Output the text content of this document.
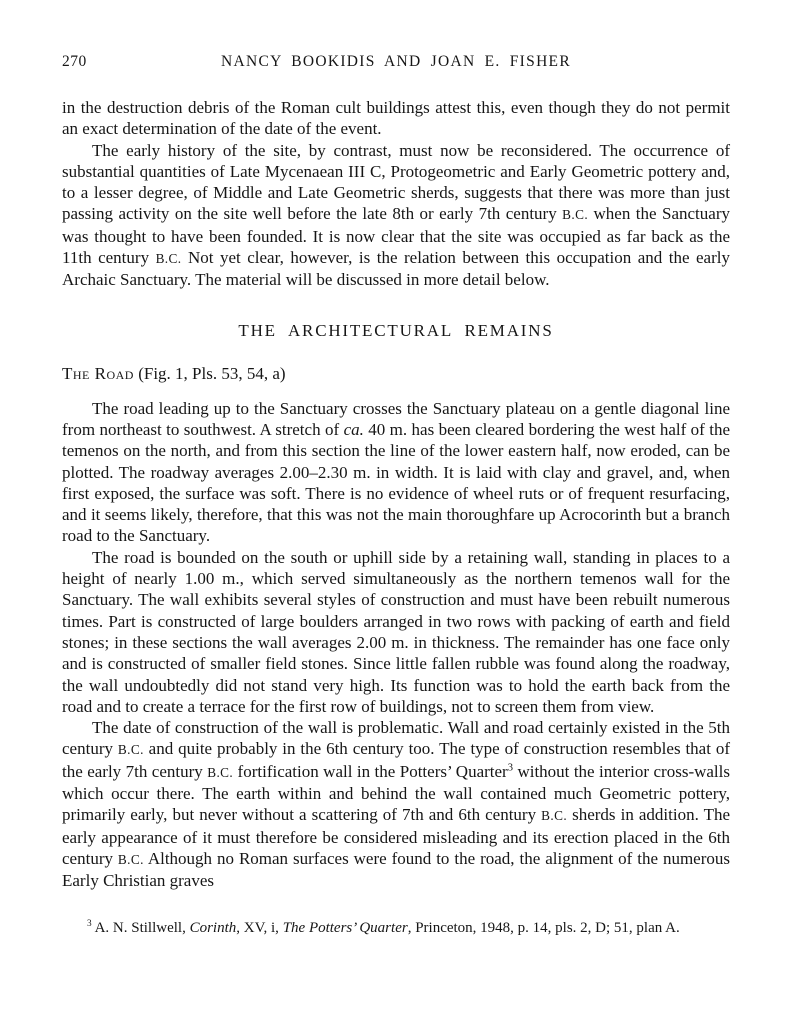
270	NANCY BOOKIDIS AND JOAN E. FISHER

in the destruction debris of the Roman cult buildings attest this, even though they do not permit an exact determination of the date of the event.

The early history of the site, by contrast, must now be reconsidered. The occurrence of substantial quantities of Late Mycenaean III C, Protogeometric and Early Geometric pottery and, to a lesser degree, of Middle and Late Geometric sherds, suggests that there was more than just passing activity on the site well before the late 8th or early 7th century B.C. when the Sanctuary was thought to have been founded. It is now clear that the site was occupied as far back as the 11th century B.C. Not yet clear, however, is the relation between this occupation and the early Archaic Sanctuary. The material will be discussed in more detail below.

THE ARCHITECTURAL REMAINS
The Road (Fig. 1, Pls. 53, 54, a)

The road leading up to the Sanctuary crosses the Sanctuary plateau on a gentle diagonal line from northeast to southwest. A stretch of ca. 40 m. has been cleared bordering the west half of the temenos on the north, and from this section the line of the lower eastern half, now eroded, can be plotted. The roadway averages 2.00–2.30 m. in width. It is laid with clay and gravel, and, when first exposed, the surface was soft. There is no evidence of wheel ruts or of frequent resurfacing, and it seems likely, therefore, that this was not the main thoroughfare up Acrocorinth but a branch road to the Sanctuary.

The road is bounded on the south or uphill side by a retaining wall, standing in places to a height of nearly 1.00 m., which served simultaneously as the northern temenos wall for the Sanctuary. The wall exhibits several styles of construction and must have been rebuilt numerous times. Part is constructed of large boulders arranged in two rows with packing of earth and field stones; in these sections the wall averages 2.00 m. in thickness. The remainder has one face only and is constructed of smaller field stones. Since little fallen rubble was found along the roadway, the wall undoubtedly did not stand very high. Its function was to hold the earth back from the road and to create a terrace for the first row of buildings, not to screen them from view.

The date of construction of the wall is problematic. Wall and road certainly existed in the 5th century B.C. and quite probably in the 6th century too. The type of construction resembles that of the early 7th century B.C. fortification wall in the Potters’ Quarter$^3$ without the interior cross-walls which occur there. The earth within and behind the wall contained much Geometric pottery, primarily early, but never without a scattering of 7th and 6th century B.C. sherds in addition. The early appearance of it must therefore be considered misleading and its erection placed in the 6th century B.C. Although no Roman surfaces were found to the road, the alignment of the numerous Early Christian graves

$^3$ A. N. Stillwell, Corinth, XV, i, The Potters’ Quarter, Princeton, 1948, p. 14, pls. 2, D; 51, plan A.
